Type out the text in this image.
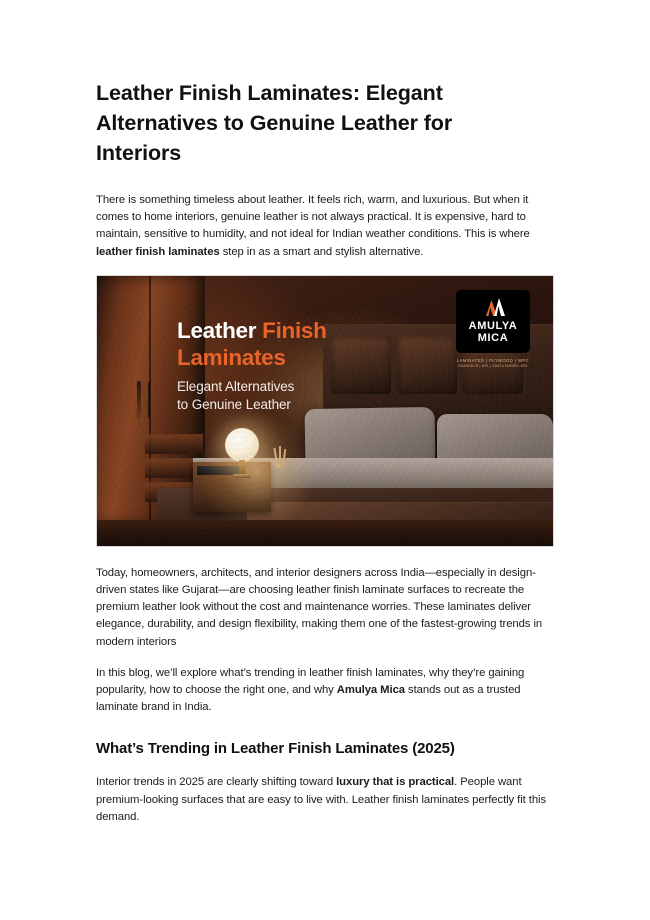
Leather Finish Laminates: Elegant Alternatives to Genuine Leather for Interiors

There is something timeless about leather. It feels rich, warm, and luxurious. But when it comes to home interiors, genuine leather is not always practical. It is expensive, hard to maintain, sensitive to humidity, and not ideal for Indian weather conditions. This is where leather finish laminates step in as a smart and stylish alternative.

Leather Finish
Laminates
Elegant Alternatives
to Genuine Leather
AMULYA
MICA
LAMINATES | PLYWOOD | WPC
GRANDEUR | MPL | SANTA MARBEL MPL

Today, homeowners, architects, and interior designers across India—especially in design-driven states like Gujarat—are choosing leather finish laminate surfaces to recreate the premium leather look without the cost and maintenance worries. These laminates deliver elegance, durability, and design flexibility, making them one of the fastest-growing trends in modern interiors

In this blog, we’ll explore what’s trending in leather finish laminates, why they’re gaining popularity, how to choose the right one, and why Amulya Mica stands out as a trusted laminate brand in India.

What’s Trending in Leather Finish Laminates (2025)

Interior trends in 2025 are clearly shifting toward luxury that is practical. People want premium-looking surfaces that are easy to live with. Leather finish laminates perfectly fit this demand.
